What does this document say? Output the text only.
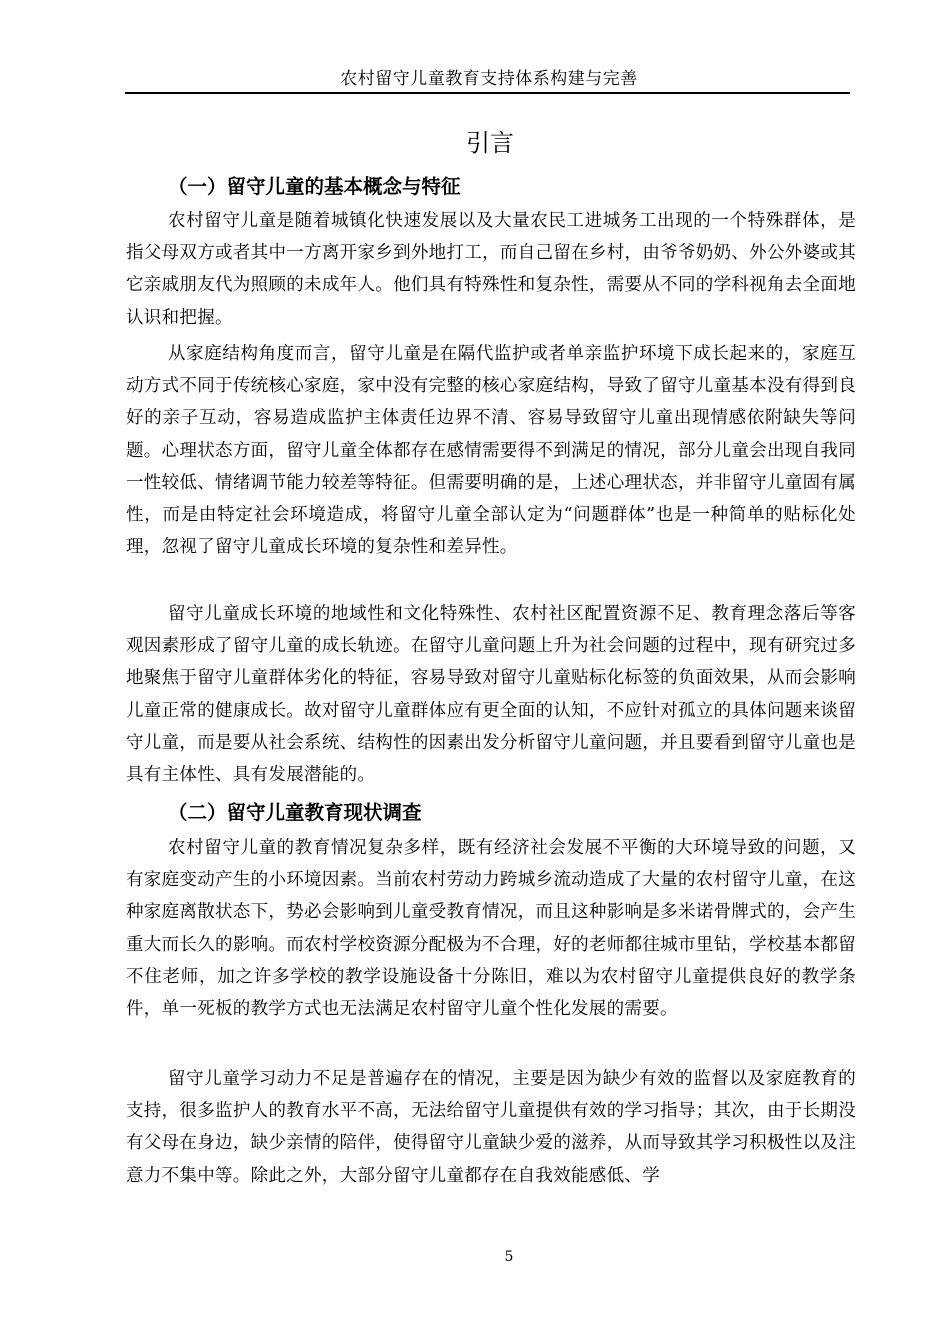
农村留守儿童教育支持体系构建与完善
引言
（一）留守儿童的基本概念与特征

农村留守儿童是随着城镇化快速发展以及大量农民工进城务工出现的一个特殊群体，是指父母双方或者其中一方离开家乡到外地打工，而自己留在乡村，由爷爷奶奶、外公外婆或其它亲戚朋友代为照顾的未成年人。他们具有特殊性和复杂性，需要从不同的学科视角去全面地认识和把握。

从家庭结构角度而言，留守儿童是在隔代监护或者单亲监护环境下成长起来的，家庭互动方式不同于传统核心家庭，家中没有完整的核心家庭结构，导致了留守儿童基本没有得到良好的亲子互动，容易造成监护主体责任边界不清、容易导致留守儿童出现情感依附缺失等问题。心理状态方面，留守儿童全体都存在感情需要得不到满足的情况，部分儿童会出现自我同一性较低、情绪调节能力较差等特征。但需要明确的是，上述心理状态，并非留守儿童固有属性，而是由特定社会环境造成，将留守儿童全部认定为“问题群体”也是一种简单的贴标化处理，忽视了留守儿童成长环境的复杂性和差异性。

留守儿童成长环境的地域性和文化特殊性、农村社区配置资源不足、教育理念落后等客观因素形成了留守儿童的成长轨迹。在留守儿童问题上升为社会问题的过程中，现有研究过多地聚焦于留守儿童群体劣化的特征，容易导致对留守儿童贴标化标签的负面效果，从而会影响儿童正常的健康成长。故对留守儿童群体应有更全面的认知，不应针对孤立的具体问题来谈留守儿童，而是要从社会系统、结构性的因素出发分析留守儿童问题，并且要看到留守儿童也是具有主体性、具有发展潜能的。

（二）留守儿童教育现状调查

农村留守儿童的教育情况复杂多样，既有经济社会发展不平衡的大环境导致的问题，又有家庭变动产生的小环境因素。当前农村劳动力跨城乡流动造成了大量的农村留守儿童，在这种家庭离散状态下，势必会影响到儿童受教育情况，而且这种影响是多米诺骨牌式的，会产生重大而长久的影响。而农村学校资源分配极为不合理，好的老师都往城市里钻，学校基本都留不住老师，加之许多学校的教学设施设备十分陈旧，难以为农村留守儿童提供良好的教学条件，单一死板的教学方式也无法满足农村留守儿童个性化发展的需要。

留守儿童学习动力不足是普遍存在的情况，主要是因为缺少有效的监督以及家庭教育的支持，很多监护人的教育水平不高，无法给留守儿童提供有效的学习指导；其次，由于长期没有父母在身边，缺少亲情的陪伴，使得留守儿童缺少爱的滋养，从而导致其学习积极性以及注意力不集中等。除此之外，大部分留守儿童都存在自我效能感低、学

5
